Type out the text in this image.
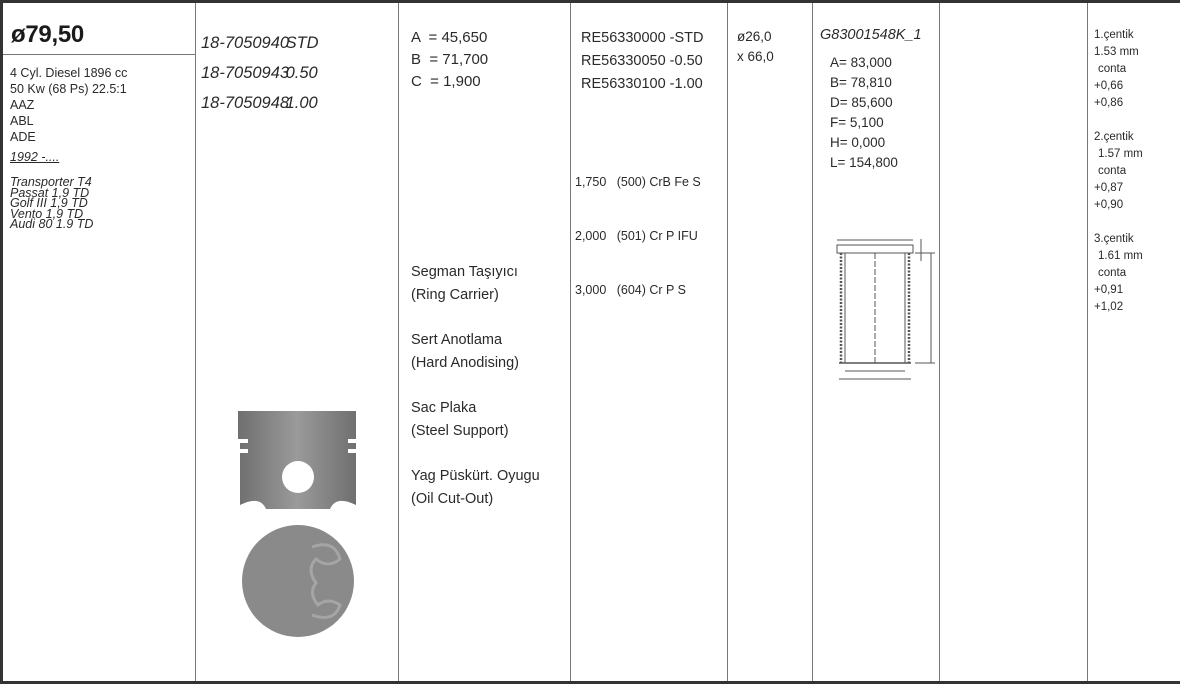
ø79,50
4 Cyl. Diesel 1896 cc
50 Kw (68 Ps) 22.5:1
AAZ
ABL
ADE
1992 -....
Transporter T4
Passat 1,9 TD
Golf III 1,9 TD
Vento 1,9 TD
Audi 80 1.9 TD
18-7050940 STD
18-7050943 0.50
18-7050948 1.00
A  = 45,650
B  = 71,700
C  = 1,900
Segman Taşıyıcı
(Ring Carrier)
Sert Anotlama
(Hard Anodising)
Sac Plaka
(Steel Support)
Yag Püskürt. Oyugu
(Oil Cut-Out)
RE56330000 -STD
RE56330050 -0.50
RE56330100 -1.00

1,750 (500) CrB Fe S

2,000 (501) Cr P IFU

3,000 (604) Cr P S

ø26,0
x 66,0
G83001548K_1
A= 83,000
B= 78,810
D= 85,600
F= 5,100
H= 0,000
L= 154,800
1.çentik
1.53 mm
conta
+0,66
+0,86
2.çentik
1.57 mm
conta
+0,87
+0,90
3.çentik
1.61 mm
conta
+0,91
+1,02
